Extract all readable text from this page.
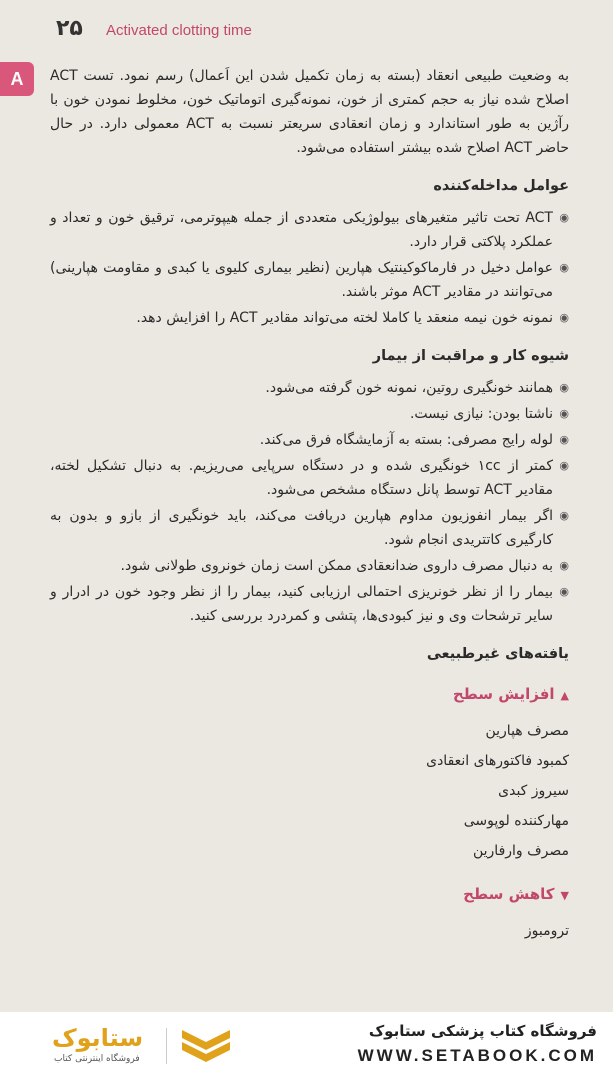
۲۵ Activated clotting time
A	به وضعیت طبیعی انعقاد (بسته به زمان تکمیل شدن این اَعمال) رسم نمود. تست ACT اصلاح شده نیاز به حجم کمتری از خون، نمونه‌گیری اتوماتیک خون، مخلوط نمودن خون با رآژین به طور استاندارد و زمان انعقادی سریعتر نسبت به ACT معمولی دارد. در حال حاضر ACT اصلاح شده بیشتر استفاده می‌شود.

عوامل مداخله‌کننده
◉ ACT تحت تاثیر متغیرهای بیولوژیکی متعددی از جمله هیپوترمی، ترقیق خون و تعداد و عملکرد پلاکتی قرار دارد.
◉ عوامل دخیل در فارماکوکینتیک هپارین (نظیر بیماری کلیوی یا کبدی و مقاومت هپارینی) می‌توانند در مقادیر ACT موثر باشند.
◉ نمونه خون نیمه منعقد یا کاملا لخته می‌تواند مقادیر ACT را افزایش دهد.
شیوه کار و مراقبت از بیمار
◉ همانند خونگیری روتین، نمونه خون گرفته می‌شود.
◉ ناشتا بودن: نیازی نیست.
◉ لوله رایج مصرفی: بسته به آزمایشگاه فرق می‌کند.
◉ کمتر از ۱cc خونگیری شده و در دستگاه سرپایی می‌ریزیم. به دنبال تشکیل لخته، مقادیر ACT توسط پانل دستگاه مشخص می‌شود.
◉ اگر بیمار انفوزیون مداوم هپارین دریافت می‌کند، باید خونگیری از بازو و بدون به کارگیری کاتتریدی انجام شود.
◉ به دنبال مصرف داروی ضدانعقادی ممکن است زمان خونروی طولانی شود.
◉ بیمار را از نظر خونریزی احتمالی ارزیابی کنید، بیمار را از نظر وجود خون در ادرار و سایر ترشحات وی و نیز کبودی‌ها، پتشی و کمردرد بررسی کنید.
یافته‌های غیرطبیعی
▲افزایش سطح

مصرف هپارین

کمبود فاکتورهای انعقادی

سیروز کبدی

مهارکننده لوپوسی

مصرف وارفارین

▼کاهش سطح

ترومبوز

ستابوک
فروشگاه اینترنتی کتاب
فروشگاه کتاب پزشکی ستابوک
WWW.SETABOOK.COM
